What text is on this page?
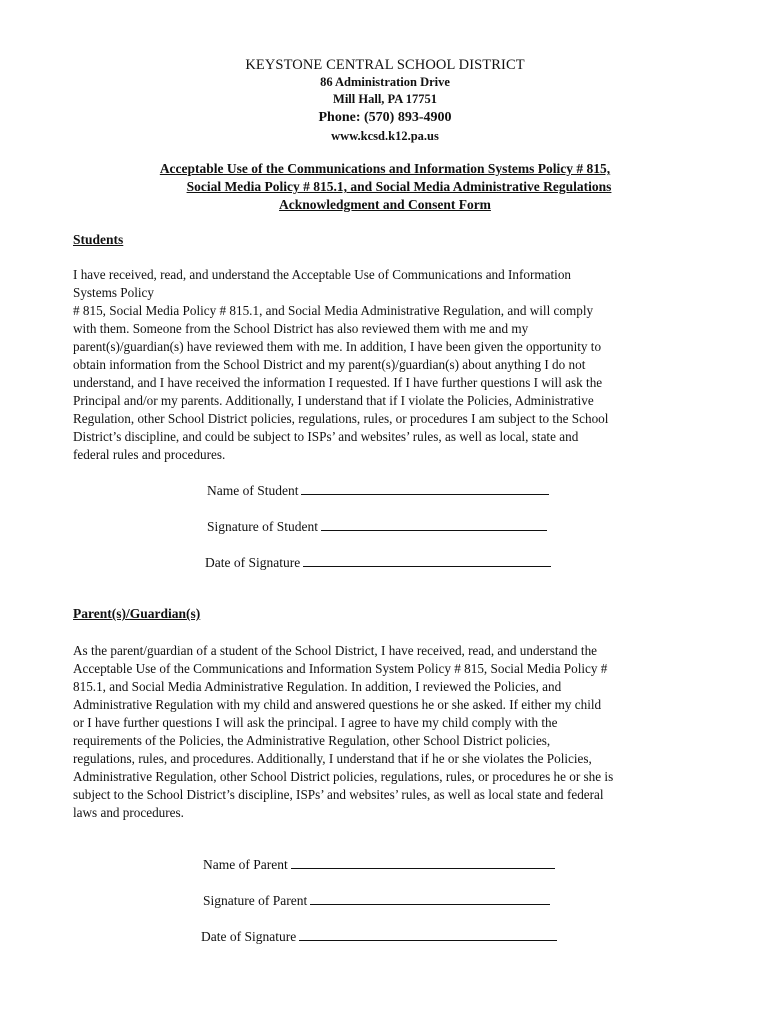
KEYSTONE CENTRAL SCHOOL DISTRICT
86 Administration Drive
Mill Hall, PA 17751
Phone: (570) 893-4900
www.kcsd.k12.pa.us
Acceptable Use of the Communications and Information Systems Policy # 815,
Social Media Policy # 815.1, and Social Media Administrative Regulations
Acknowledgment and Consent Form
Students
I have received, read, and understand the Acceptable Use of Communications and Information
Systems Policy
# 815, Social Media Policy # 815.1, and Social Media Administrative Regulation, and will comply
with them. Someone from the School District has also reviewed them with me and my
parent(s)/guardian(s) have reviewed them with me. In addition, I have been given the opportunity to
obtain information from the School District and my parent(s)/guardian(s) about anything I do not
understand, and I have received the information I requested. If I have further questions I will ask the
Principal and/or my parents. Additionally, I understand that if I violate the Policies, Administrative
Regulation, other School District policies, regulations, rules, or procedures I am subject to the School
District’s discipline, and could be subject to ISPs’ and websites’ rules, as well as local, state and
federal rules and procedures.
Name of Student
Signature of Student
Date of Signature
Parent(s)/Guardian(s)
As the parent/guardian of a student of the School District, I have received, read, and understand the
Acceptable Use of the Communications and Information System Policy # 815, Social Media Policy #
815.1, and Social Media Administrative Regulation. In addition, I reviewed the Policies, and
Administrative Regulation with my child and answered questions he or she asked. If either my child
or I have further questions I will ask the principal. I agree to have my child comply with the
requirements of the Policies, the Administrative Regulation, other School District policies,
regulations, rules, and procedures. Additionally, I understand that if he or she violates the Policies,
Administrative Regulation, other School District policies, regulations, rules, or procedures he or she is
subject to the School District’s discipline, ISPs’ and websites’ rules, as well as local state and federal
laws and procedures.
Name of Parent
Signature of Parent
Date of Signature
